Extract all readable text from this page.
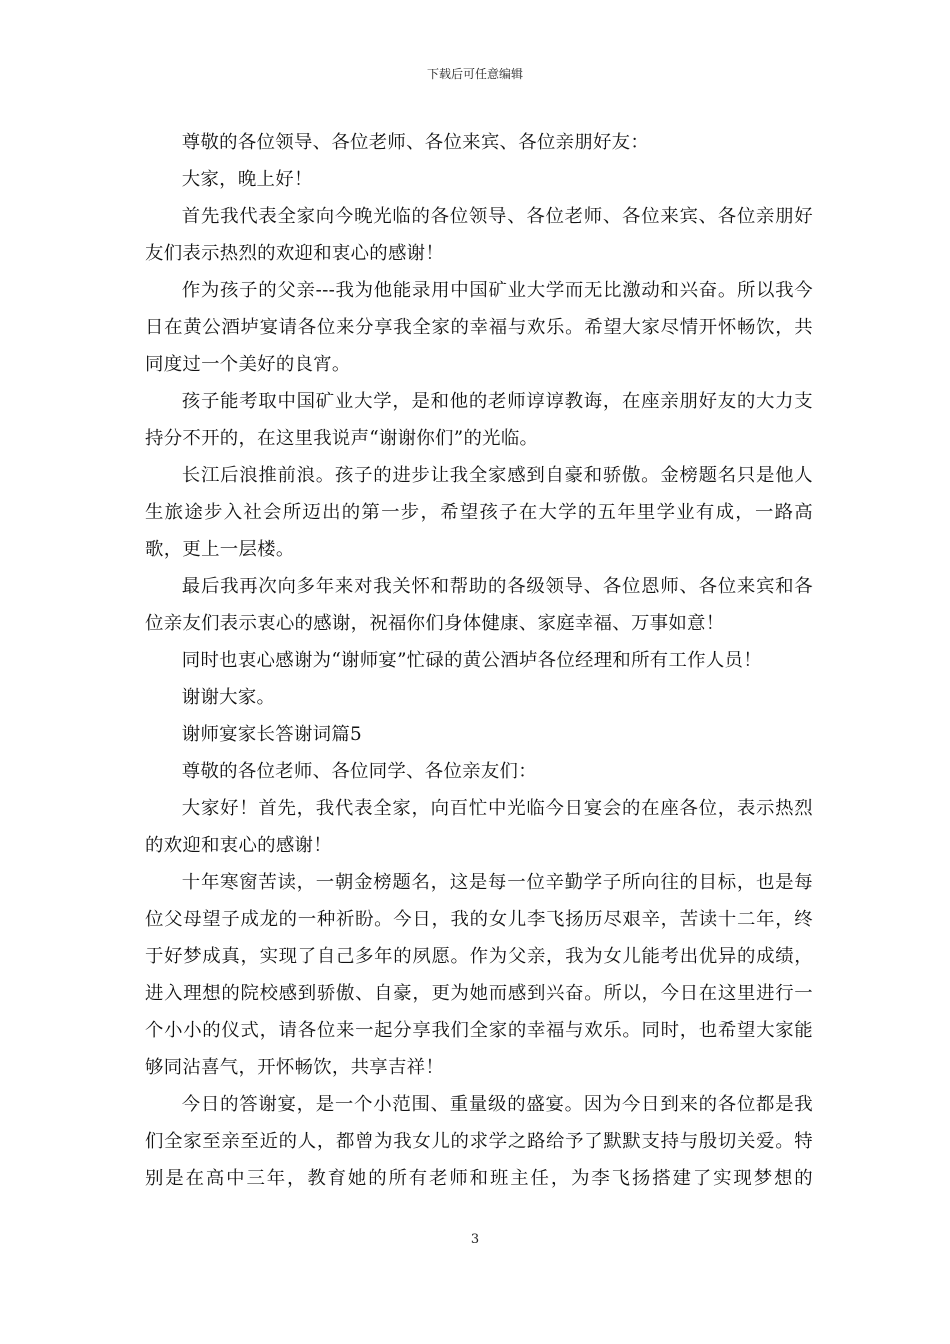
下载后可任意编辑

尊敬的各位领导、各位老师、各位来宾、各位亲朋好友：

大家，晚上好！

首先我代表全家向今晚光临的各位领导、各位老师、各位来宾、各位亲朋好友们表示热烈的欢迎和衷心的感谢！

作为孩子的父亲---我为他能录用中国矿业大学而无比激动和兴奋。所以我今日在黄公酒垆宴请各位来分享我全家的幸福与欢乐。希望大家尽情开怀畅饮，共同度过一个美好的良宵。

孩子能考取中国矿业大学，是和他的老师谆谆教诲，在座亲朋好友的大力支持分不开的，在这里我说声“谢谢你们”的光临。

长江后浪推前浪。孩子的进步让我全家感到自豪和骄傲。金榜题名只是他人生旅途步入社会所迈出的第一步，希望孩子在大学的五年里学业有成，一路高歌，更上一层楼。

最后我再次向多年来对我关怀和帮助的各级领导、各位恩师、各位来宾和各位亲友们表示衷心的感谢，祝福你们身体健康、家庭幸福、万事如意！

同时也衷心感谢为“谢师宴”忙碌的黄公酒垆各位经理和所有工作人员！

谢谢大家。

谢师宴家长答谢词篇5

尊敬的各位老师、各位同学、各位亲友们：

大家好！首先，我代表全家，向百忙中光临今日宴会的在座各位，表示热烈的欢迎和衷心的感谢！

十年寒窗苦读，一朝金榜题名，这是每一位辛勤学子所向往的目标，也是每位父母望子成龙的一种祈盼。今日，我的女儿李飞扬历尽艰辛，苦读十二年，终于好梦成真，实现了自己多年的夙愿。作为父亲，我为女儿能考出优异的成绩，进入理想的院校感到骄傲、自豪，更为她而感到兴奋。所以，今日在这里进行一个小小的仪式，请各位来一起分享我们全家的幸福与欢乐。同时，也希望大家能够同沾喜气，开怀畅饮，共享吉祥！

今日的答谢宴，是一个小范围、重量级的盛宴。因为今日到来的各位都是我们全家至亲至近的人，都曾为我女儿的求学之路给予了默默支持与殷切关爱。特别是在高中三年，教育她的所有老师和班主任，为李飞扬搭建了实现梦想的

3
